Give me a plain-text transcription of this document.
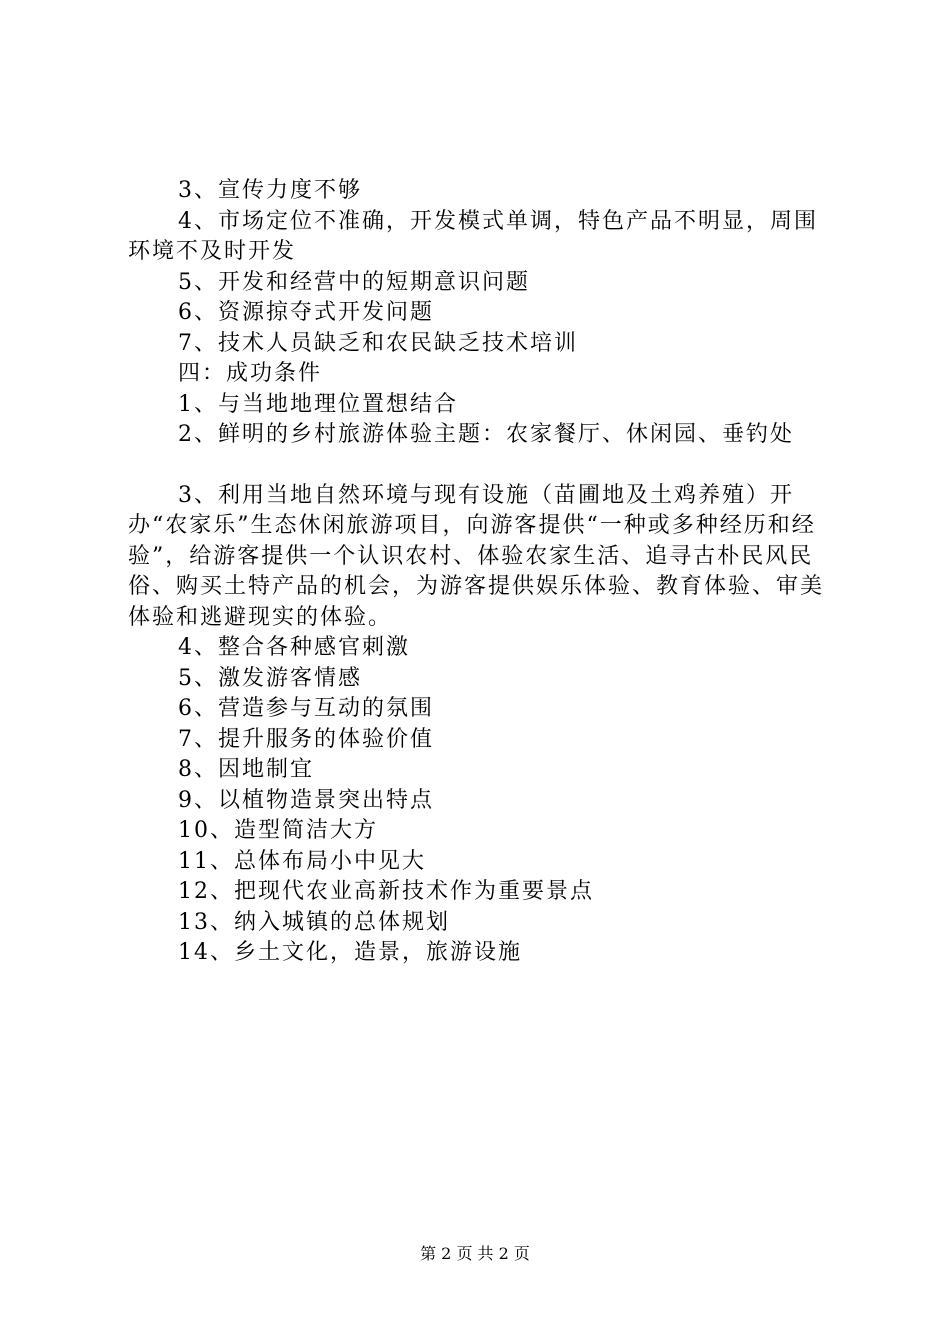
3、宣传力度不够

4、市场定位不准确，开发模式单调，特色产品不明显，周围环境不及时开发

5、开发和经营中的短期意识问题

6、资源掠夺式开发问题

7、技术人员缺乏和农民缺乏技术培训

四：成功条件

1、与当地地理位置想结合

2、鲜明的乡村旅游体验主题：农家餐厅、休闲园、垂钓处

3、利用当地自然环境与现有设施（苗圃地及土鸡养殖）开办“农家乐”生态休闲旅游项目，向游客提供“一种或多种经历和经验”，给游客提供一个认识农村、体验农家生活、追寻古朴民风民俗、购买土特产品的机会，为游客提供娱乐体验、教育体验、审美体验和逃避现实的体验。

4、整合各种感官刺激

5、激发游客情感

6、营造参与互动的氛围

7、提升服务的体验价值

8、因地制宜

9、以植物造景突出特点

10、造型简洁大方

11、总体布局小中见大

12、把现代农业高新技术作为重要景点

13、纳入城镇的总体规划

14、乡土文化，造景，旅游设施

第 2 页 共 2 页
